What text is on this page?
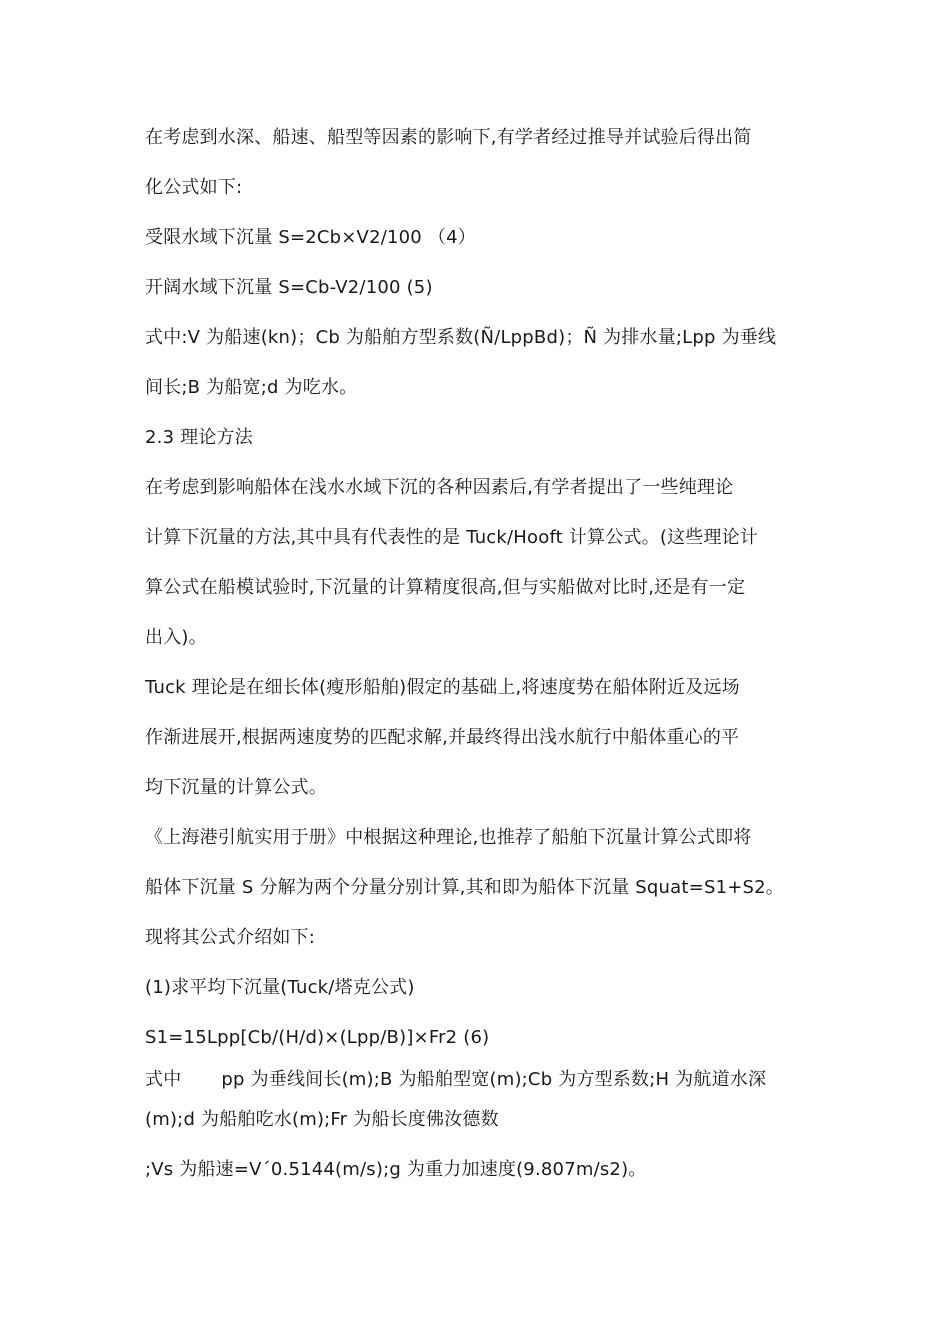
在考虑到水深、船速、船型等因素的影响下,有学者经过推导并试验后得出简
化公式如下:
受限水域下沉量 S=2Cb×V2/100 （4）
开阔水域下沉量 S=Cb-V2/100 (5)
式中:V 为船速(kn)；Cb 为船舶方型系数(Ñ/LppBd)；Ñ 为排水量;Lpp 为垂线
间长;B 为船宽;d 为吃水。
2.3 理论方法
在考虑到影响船体在浅水水域下沉的各种因素后,有学者提出了一些纯理论
计算下沉量的方法,其中具有代表性的是 Tuck/Hooft 计算公式。(这些理论计
算公式在船模试验时,下沉量的计算精度很高,但与实船做对比时,还是有一定
出入)。
Tuck 理论是在细长体(瘦形船舶)假定的基础上,将速度势在船体附近及远场
作渐进展开,根据两速度势的匹配求解,并最终得出浅水航行中船体重心的平
均下沉量的计算公式。
《上海港引航实用于册》中根据这种理论,也推荐了船舶下沉量计算公式即将
船体下沉量 S 分解为两个分量分别计算,其和即为船体下沉量 Squat=S1+S2。
现将其公式介绍如下:
(1)求平均下沉量(Tuck/塔克公式)
S1=15Lpp[Cb/(H/d)×(Lpp/B)]×Fr2 (6)
式中 pp 为垂线间长(m);B 为船舶型宽(m);Cb 为方型系数;H 为航道水深
(m);d 为船舶吃水(m);Fr 为船长度佛汝德数
;Vs 为船速=V´0.5144(m/s);g 为重力加速度(9.807m/s2)。
